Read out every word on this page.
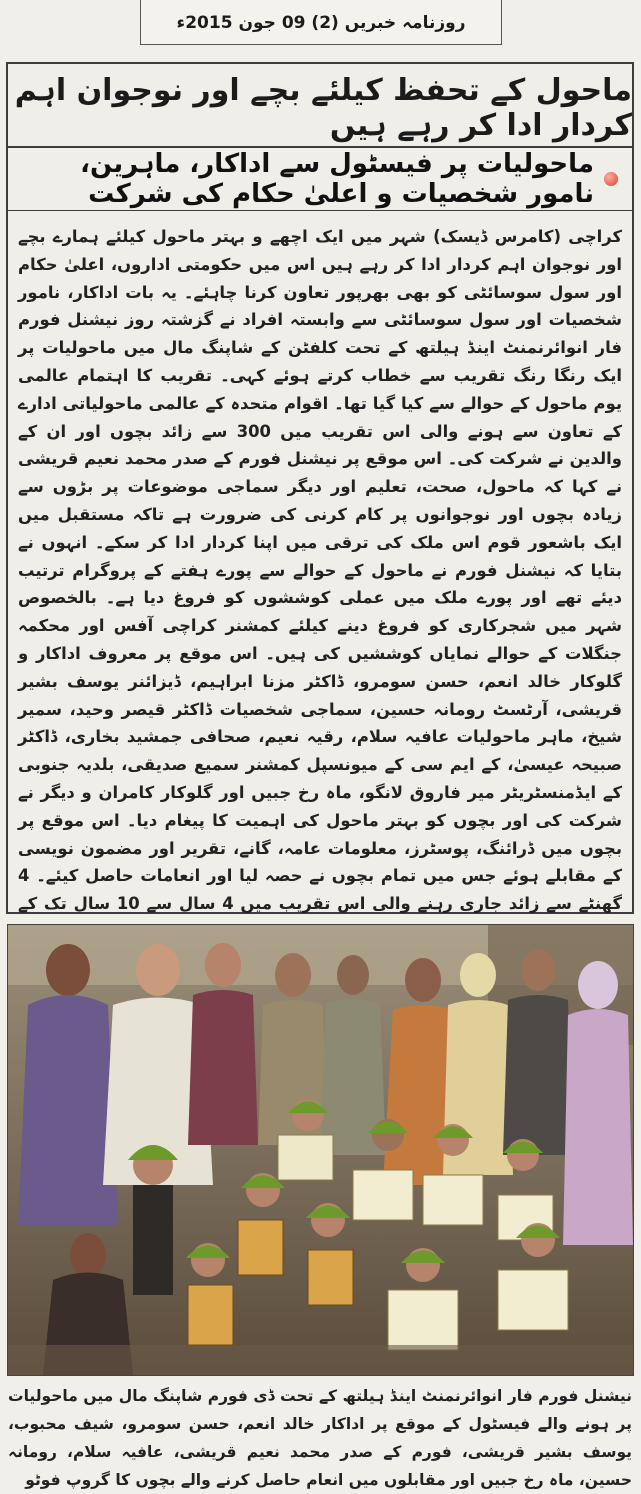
روزنامہ خبریں (2) 09 جون 2015ء
ماحول کے تحفظ کیلئے بچے اور نوجوان اہم کردار ادا کر رہے ہیں
ماحولیات پر فیسٹول سے اداکار، ماہرین، نامور شخصیات و اعلیٰ حکام کی شرکت
کراچی (کامرس ڈیسک) شہر میں ایک اچھے و بہتر ماحول کیلئے ہمارے بچے اور نوجوان اہم کردار ادا کر رہے ہیں اس میں حکومتی اداروں، اعلیٰ حکام اور سول سوسائٹی کو بھی بھرپور تعاون کرنا چاہئے۔ یہ بات اداکار، نامور شخصیات اور سول سوسائٹی سے وابستہ افراد نے گزشتہ روز نیشنل فورم فار انوائرنمنٹ اینڈ ہیلتھ کے تحت کلفٹن کے شاپنگ مال میں ماحولیات پر ایک رنگا رنگ تقریب سے خطاب کرتے ہوئے کہی۔ تقریب کا اہتمام عالمی یوم ماحول کے حوالے سے کیا گیا تھا۔ اقوام متحدہ کے عالمی ماحولیاتی ادارے کے تعاون سے ہونے والی اس تقریب میں 300 سے زائد بچوں اور ان کے والدین نے شرکت کی۔ اس موقع پر نیشنل فورم کے صدر محمد نعیم قریشی نے کہا کہ ماحول، صحت، تعلیم اور دیگر سماجی موضوعات پر بڑوں سے زیادہ بچوں اور نوجوانوں پر کام کرنی کی ضرورت ہے تاکہ مستقبل میں ایک باشعور قوم اس ملک کی ترقی میں اپنا کردار ادا کر سکے۔ انہوں نے بتایا کہ نیشنل فورم نے ماحول کے حوالے سے پورے ہفتے کے پروگرام ترتیب دیئے تھے اور پورے ملک میں عملی کوششوں کو فروغ دیا ہے۔ بالخصوص شہر میں شجرکاری کو فروغ دینے کیلئے کمشنر کراچی آفس اور محکمہ جنگلات کے حوالے نمایاں کوششیں کی ہیں۔ اس موقع پر معروف اداکار و گلوکار خالد انعم، حسن سومرو، ڈاکٹر مزنا ابراہیم، ڈیزائنر یوسف بشیر قریشی، آرٹسٹ رومانہ حسین، سماجی شخصیات ڈاکٹر قیصر وحید، سمیر شیخ، ماہر ماحولیات عافیہ سلام، رقیہ نعیم، صحافی جمشید بخاری، ڈاکٹر صبیحہ عیسیٰ، کے ایم سی کے میونسپل کمشنر سمیع صدیقی، بلدیہ جنوبی کے ایڈمنسٹریٹر میر فاروق لانگو، ماہ رخ جبیں اور گلوکار کامران و دیگر نے شرکت کی اور بچوں کو بہتر ماحول کی اہمیت کا پیغام دیا۔ اس موقع پر بچوں میں ڈرائنگ، پوسٹرز، معلومات عامہ، گانے، تقریر اور مضمون نویسی کے مقابلے ہوئے جس میں تمام بچوں نے حصہ لیا اور انعامات حاصل کیئے۔ 4 گھنٹے سے زائد جاری رہنے والی اس تقریب میں 4 سال سے 10 سال تک کے
نیشنل فورم فار انوائرنمنٹ اینڈ ہیلتھ کے تحت ڈی فورم شاپنگ مال میں ماحولیات پر ہونے والے فیسٹول کے موقع پر اداکار خالد انعم، حسن سومرو، شیف محبوب، یوسف بشیر قریشی، فورم کے صدر محمد نعیم قریشی، عافیہ سلام، رومانہ حسین، ماہ رخ جبیں اور مقابلوں میں انعام حاصل کرنے والے بچوں کا گروپ فوٹو
